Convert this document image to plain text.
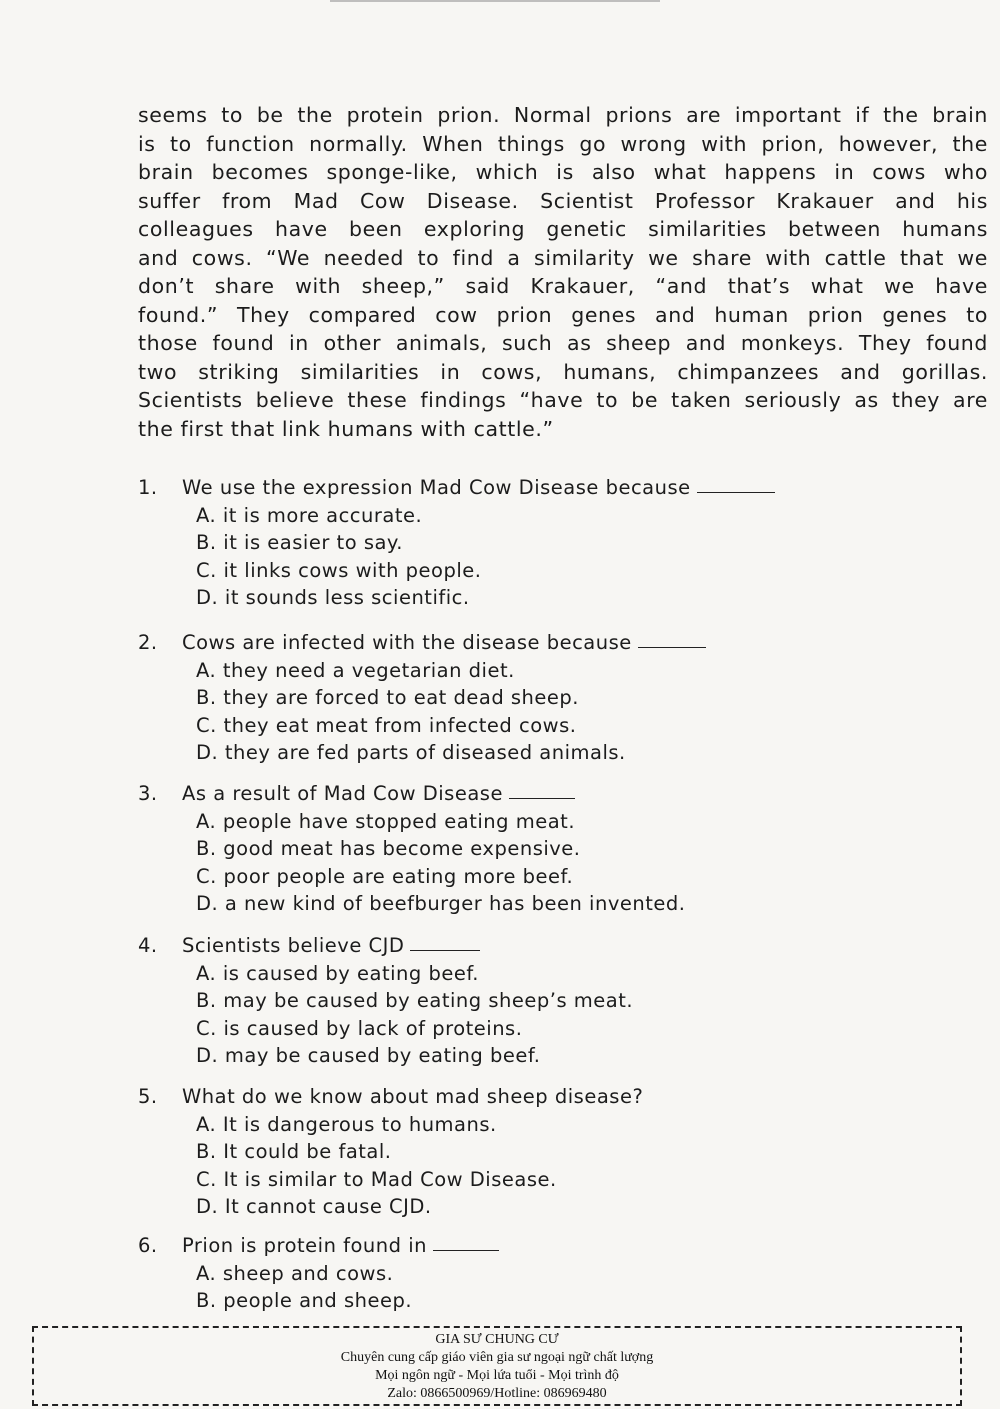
seems to be the protein prion. Normal prions are important if the brain
is to function normally. When things go wrong with prion, however, the
brain becomes sponge-like, which is also what happens in cows who
suffer from Mad Cow Disease. Scientist Professor Krakauer and his
colleagues have been exploring genetic similarities between humans
and cows. “We needed to find a similarity we share with cattle that we
don’t share with sheep,” said Krakauer, “and that’s what we have
found.” They compared cow prion genes and human prion genes to
those found in other animals, such as sheep and monkeys. They found
two striking similarities in cows, humans, chimpanzees and gorillas.
Scientists believe these findings “have to be taken seriously as they are
the first that link humans with cattle.”
1.	We use the expression Mad Cow Disease because
A. it is more accurate.
B. it is easier to say.
C. it links cows with people.
D. it sounds less scientific.
2.	Cows are infected with the disease because
A. they need a vegetarian diet.
B. they are forced to eat dead sheep.
C. they eat meat from infected cows.
D. they are fed parts of diseased animals.
3.	As a result of Mad Cow Disease
A. people have stopped eating meat.
B. good meat has become expensive.
C. poor people are eating more beef.
D. a new kind of beefburger has been invented.
4.	Scientists believe CJD
A. is caused by eating beef.
B. may be caused by eating sheep’s meat.
C. is caused by lack of proteins.
D. may be caused by eating beef.
5.	What do we know about mad sheep disease?
A. It is dangerous to humans.
B. It could be fatal.
C. It is similar to Mad Cow Disease.
D. It cannot cause CJD.
6.	Prion is protein found in
A. sheep and cows.
B. people and sheep.
GIA SƯ CHUNG CƯ
Chuyên cung cấp giáo viên gia sư ngoại ngữ chất lượng
Mọi ngôn ngữ - Mọi lứa tuổi - Mọi trình độ
Zalo: 0866500969/Hotline: 086969480
